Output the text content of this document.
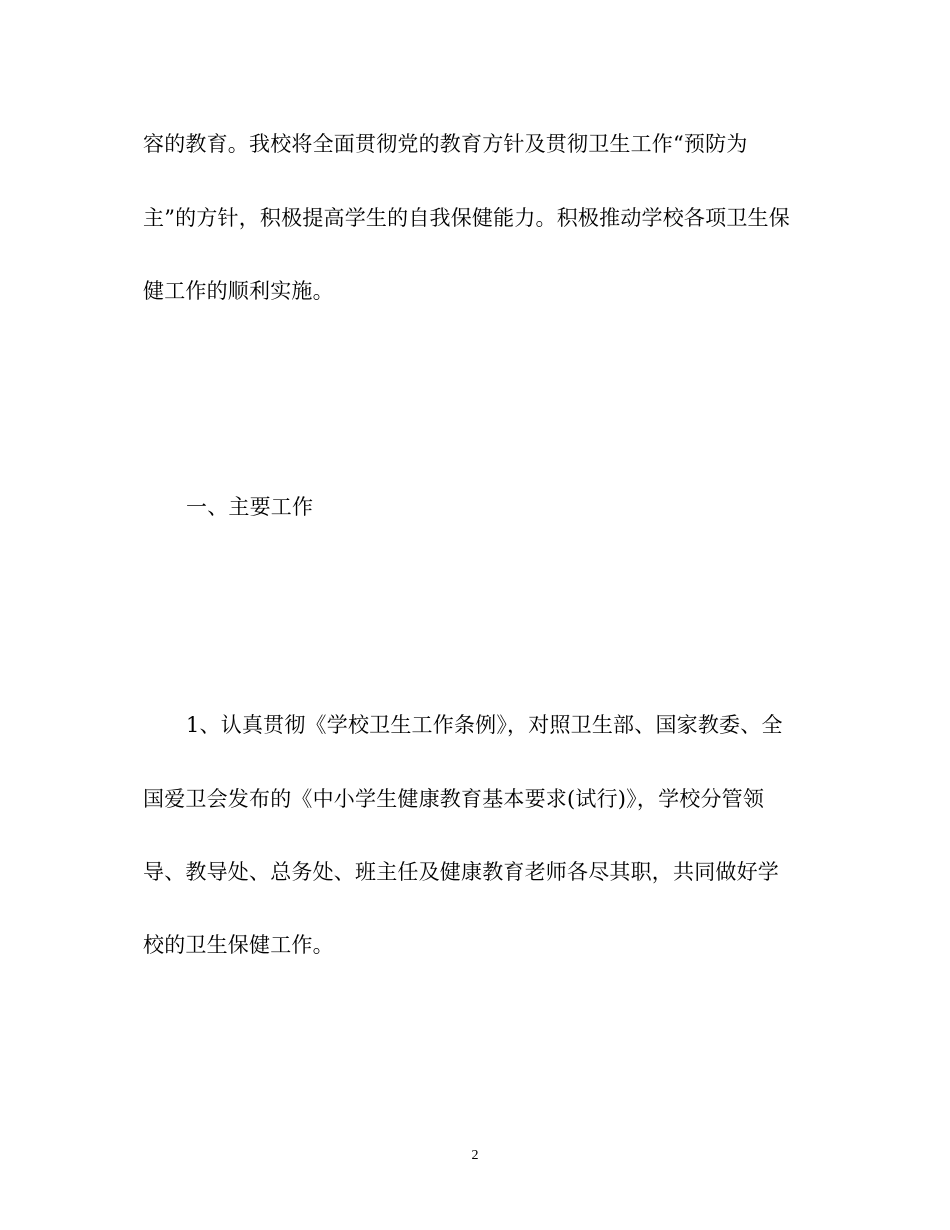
容的教育。我校将全面贯彻党的教育方针及贯彻卫生工作“预防为
主”的方针，积极提高学生的自我保健能力。积极推动学校各项卫生保
健工作的顺利实施。
一、主要工作
1、认真贯彻《学校卫生工作条例》，对照卫生部、国家教委、全
国爱卫会发布的《中小学生健康教育基本要求(试行)》，学校分管领
导、教导处、总务处、班主任及健康教育老师各尽其职，共同做好学
校的卫生保健工作。
2
